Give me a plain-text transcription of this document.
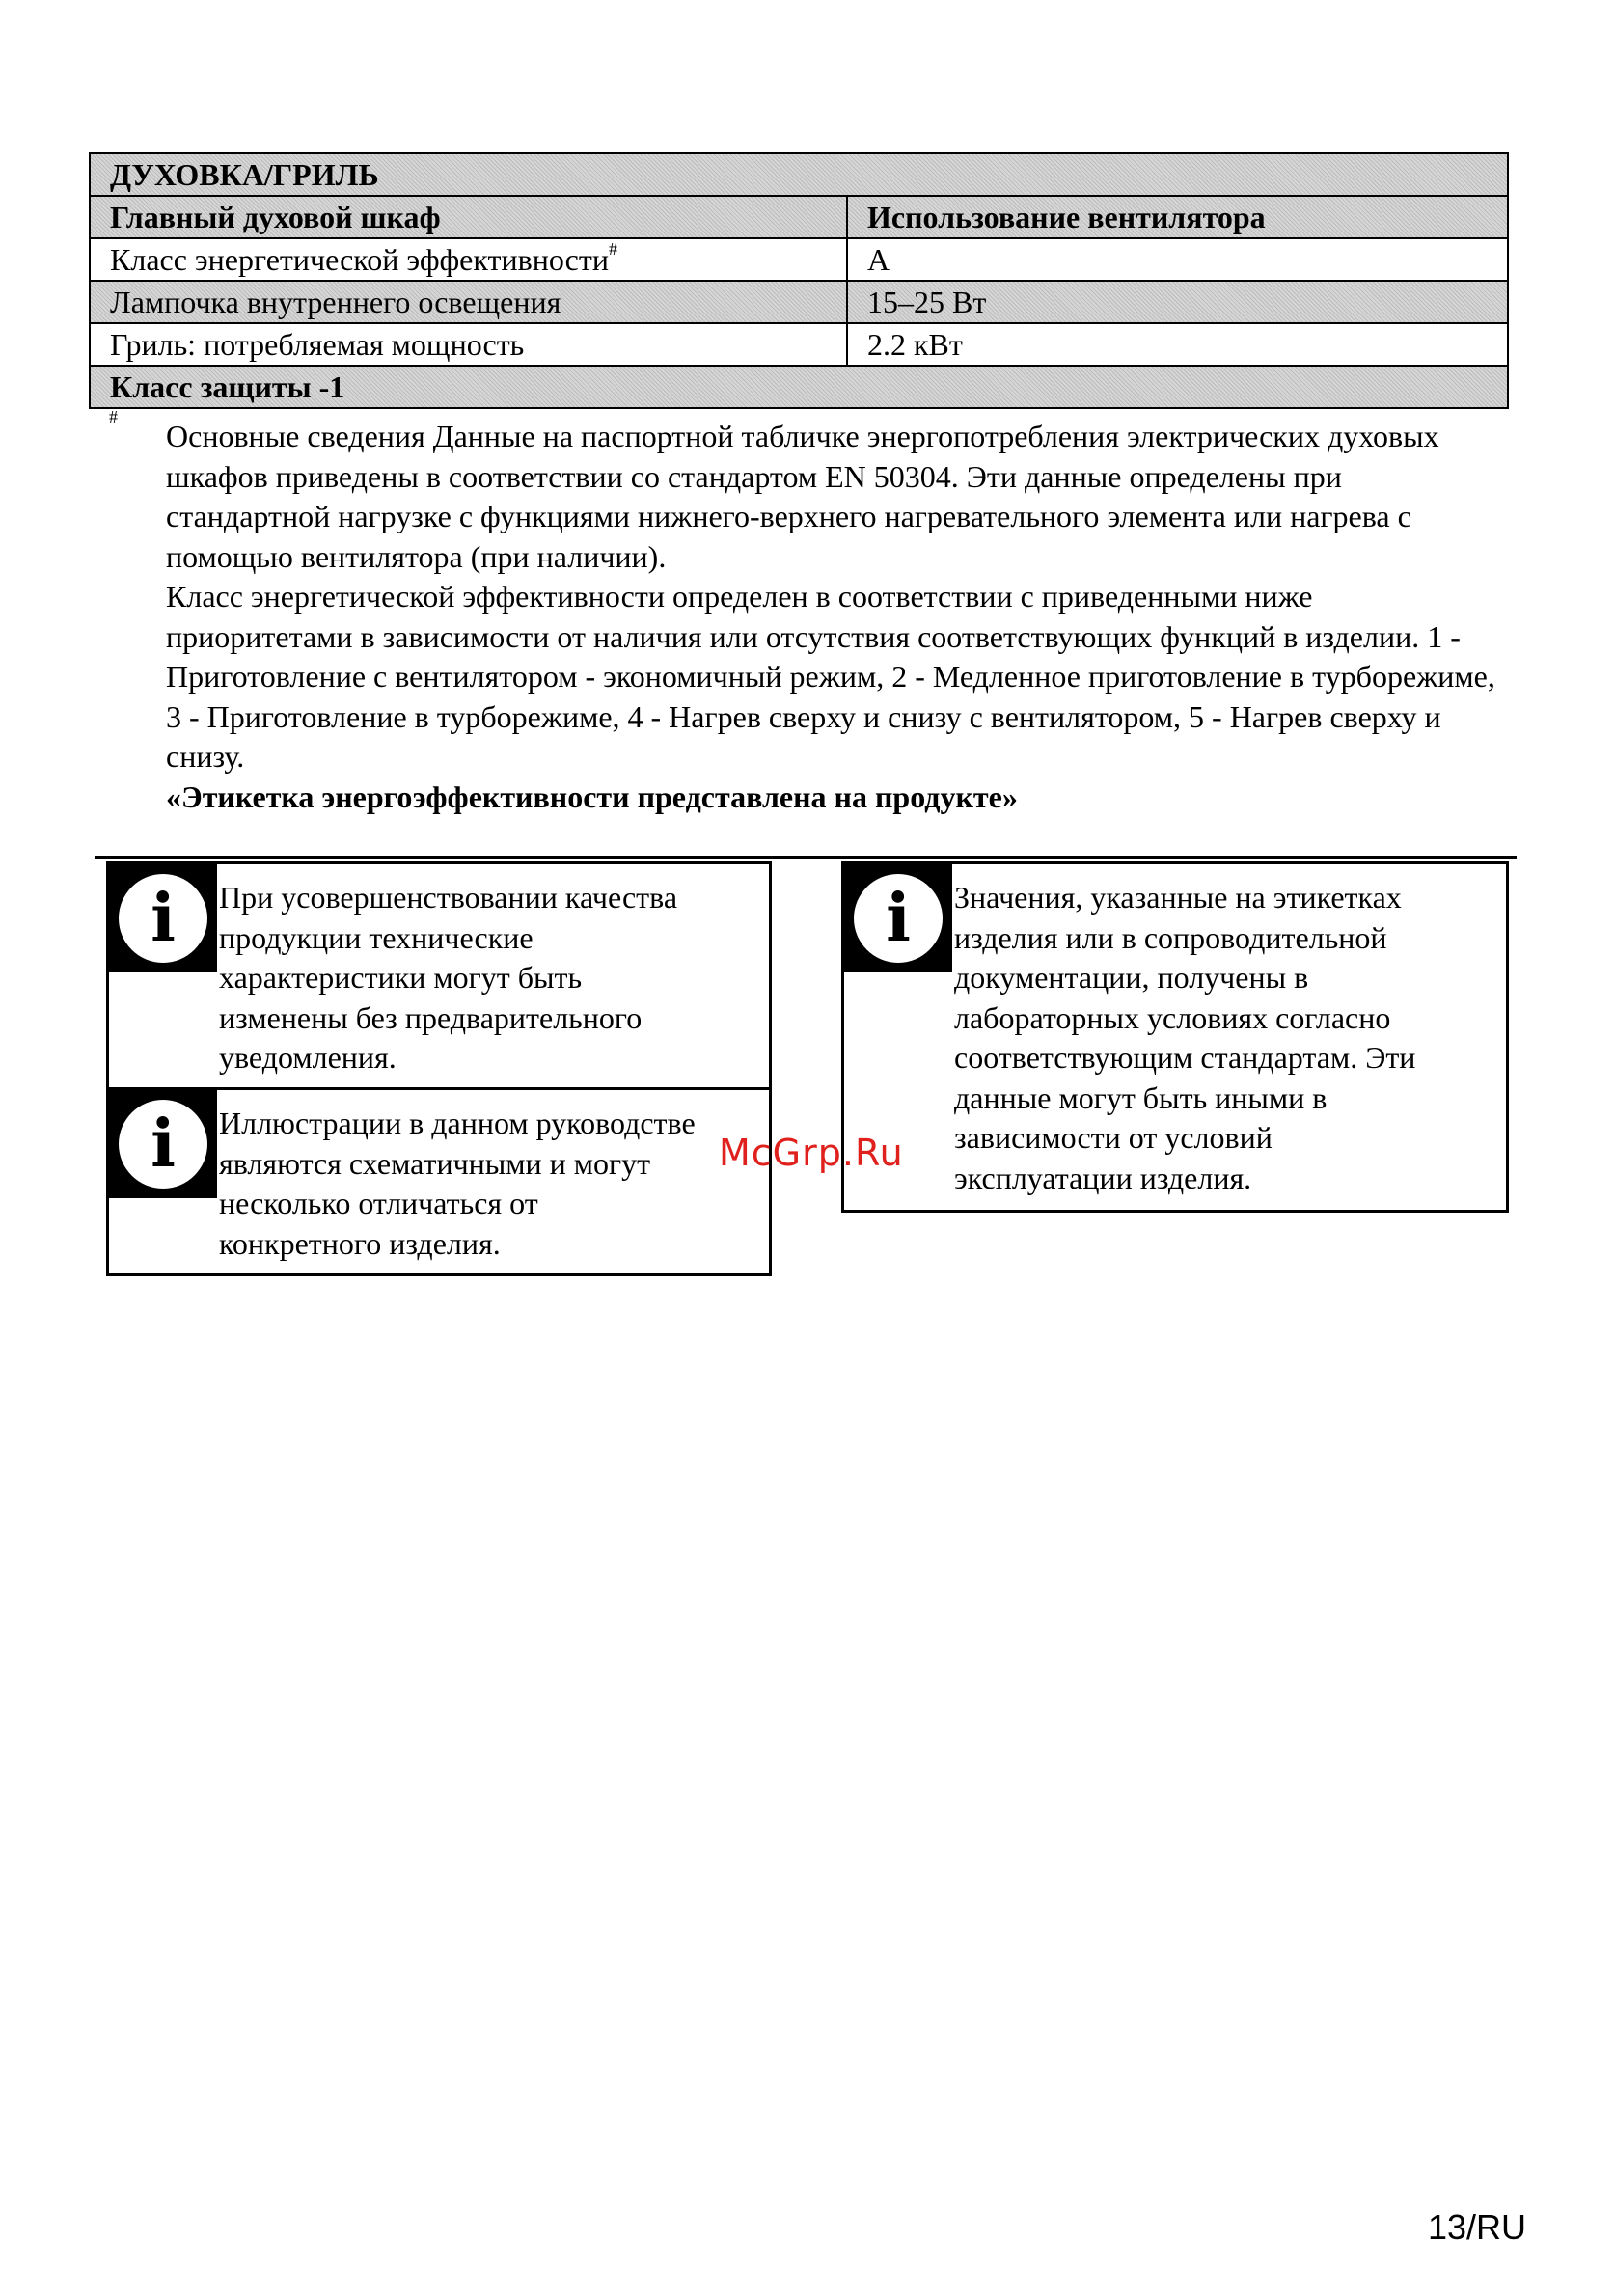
ДУХОВКА/ГРИЛЬ	
Главный духовой шкаф	Использование вентилятора
Класс энергетической эффективности#	A
Лампочка внутреннего освещения	15–25 Вт
Гриль: потребляемая мощность	2.2 кВт
Класс защиты -1	
#

Основные сведения Данные на паспортной табличке энергопотребления электрических духовых шкафов приведены в соответствии со стандартом EN 50304. Эти данные определены при стандартной нагрузке с функциями нижнего-верхнего нагревательного элемента или нагрева с помощью вентилятора (при наличии).

Класс энергетической эффективности определен в соответствии с приведенными ниже приоритетами в зависимости от наличия или отсутствия соответствующих функций в изделии. 1 - Приготовление с вентилятором - экономичный режим, 2 - Медленное приготовление в турборежиме, 3 - Приготовление в турборежиме, 4 - Нагрев сверху и снизу с вентилятором, 5 - Нагрев сверху и снизу.

«Этикетка энергоэффективности представлена на продукте»

i	При усовершенствовании качества
продукции технические
характеристики могут быть
изменены без предварительного
уведомления.
i	Иллюстрации в данном руководстве
являются схематичными и могут
несколько отличаться от
конкретного изделия.
i	Значения, указанные на этикетках
изделия или в сопроводительной
документации, получены в
лабораторных условиях согласно
соответствующим стандартам. Эти
данные могут быть иными в
зависимости от условий
эксплуатации изделия.
McGrp.Ru
13/RU
